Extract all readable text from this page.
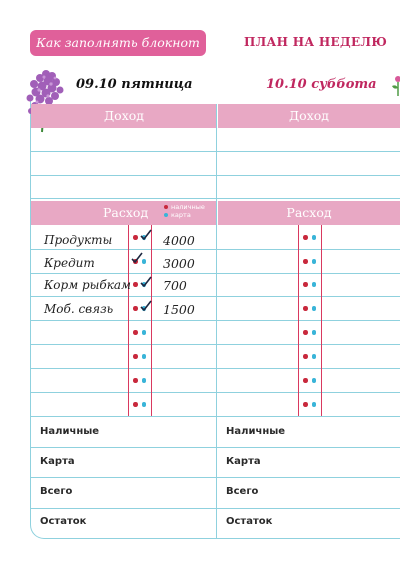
Как заполнять блокнот	ПЛАН НА НЕДЕЛЮ
09.10 пятница	10.10 суббота
Доход	Доход
Расход	Расход
наличные
карта
Продукты	4000
Кредит	3000
Корм рыбкам	700
Моб. связь	1500
Наличные
Карта
Всего
Остаток
Наличные
Карта
Всего
Остаток
